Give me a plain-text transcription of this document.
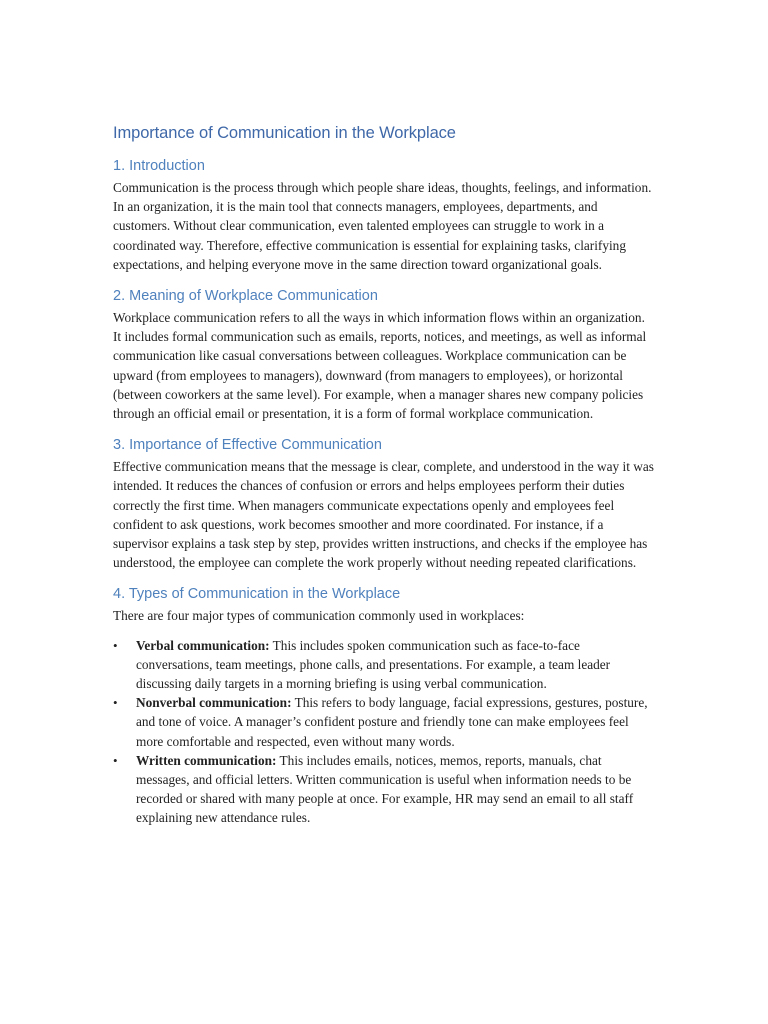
Importance of Communication in the Workplace
1. Introduction

Communication is the process through which people share ideas, thoughts, feelings, and information. In an organization, it is the main tool that connects managers, employees, departments, and customers. Without clear communication, even talented employees can struggle to work in a coordinated way. Therefore, effective communication is essential for explaining tasks, clarifying expectations, and helping everyone move in the same direction toward organizational goals.

2. Meaning of Workplace Communication

Workplace communication refers to all the ways in which information flows within an organization. It includes formal communication such as emails, reports, notices, and meetings, as well as informal communication like casual conversations between colleagues. Workplace communication can be upward (from employees to managers), downward (from managers to employees), or horizontal (between coworkers at the same level). For example, when a manager shares new company policies through an official email or presentation, it is a form of formal workplace communication.

3. Importance of Effective Communication

Effective communication means that the message is clear, complete, and understood in the way it was intended. It reduces the chances of confusion or errors and helps employees perform their duties correctly the first time. When managers communicate expectations openly and employees feel confident to ask questions, work becomes smoother and more coordinated. For instance, if a supervisor explains a task step by step, provides written instructions, and checks if the employee has understood, the employee can complete the work properly without needing repeated clarifications.

4. Types of Communication in the Workplace

There are four major types of communication commonly used in workplaces:

• Verbal communication: This includes spoken communication such as face-to-face conversations, team meetings, phone calls, and presentations. For example, a team leader discussing daily targets in a morning briefing is using verbal communication.
• Nonverbal communication: This refers to body language, facial expressions, gestures, posture, and tone of voice. A manager’s confident posture and friendly tone can make employees feel more comfortable and respected, even without many words.
• Written communication: This includes emails, notices, memos, reports, manuals, chat messages, and official letters. Written communication is useful when information needs to be recorded or shared with many people at once. For example, HR may send an email to all staff explaining new attendance rules.
